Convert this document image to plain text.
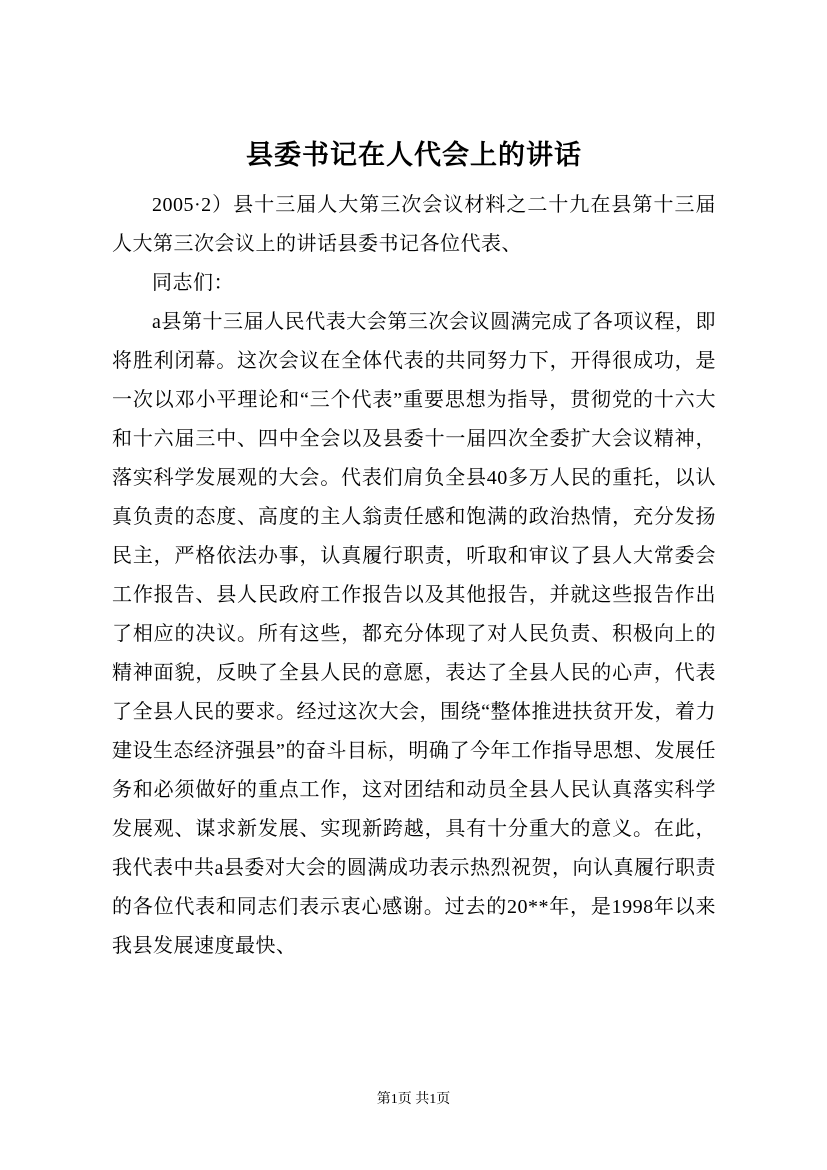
县委书记在人代会上的讲话

2005·2）县十三届人大第三次会议材料之二十九在县第十三届人大第三次会议上的讲话县委书记各位代表、

同志们：

a县第十三届人民代表大会第三次会议圆满完成了各项议程，即将胜利闭幕。这次会议在全体代表的共同努力下，开得很成功，是一次以邓小平理论和“三个代表”重要思想为指导，贯彻党的十六大和十六届三中、四中全会以及县委十一届四次全委扩大会议精神，落实科学发展观的大会。代表们肩负全县40多万人民的重托，以认真负责的态度、高度的主人翁责任感和饱满的政治热情，充分发扬民主，严格依法办事，认真履行职责，听取和审议了县人大常委会工作报告、县人民政府工作报告以及其他报告，并就这些报告作出了相应的决议。所有这些，都充分体现了对人民负责、积极向上的精神面貌，反映了全县人民的意愿，表达了全县人民的心声，代表了全县人民的要求。经过这次大会，围绕“整体推进扶贫开发，着力建设生态经济强县”的奋斗目标，明确了今年工作指导思想、发展任务和必须做好的重点工作，这对团结和动员全县人民认真落实科学发展观、谋求新发展、实现新跨越，具有十分重大的意义。在此，我代表中共a县委对大会的圆满成功表示热烈祝贺，向认真履行职责的各位代表和同志们表示衷心感谢。过去的20**年，是1998年以来我县发展速度最快、

第1页 共1页
